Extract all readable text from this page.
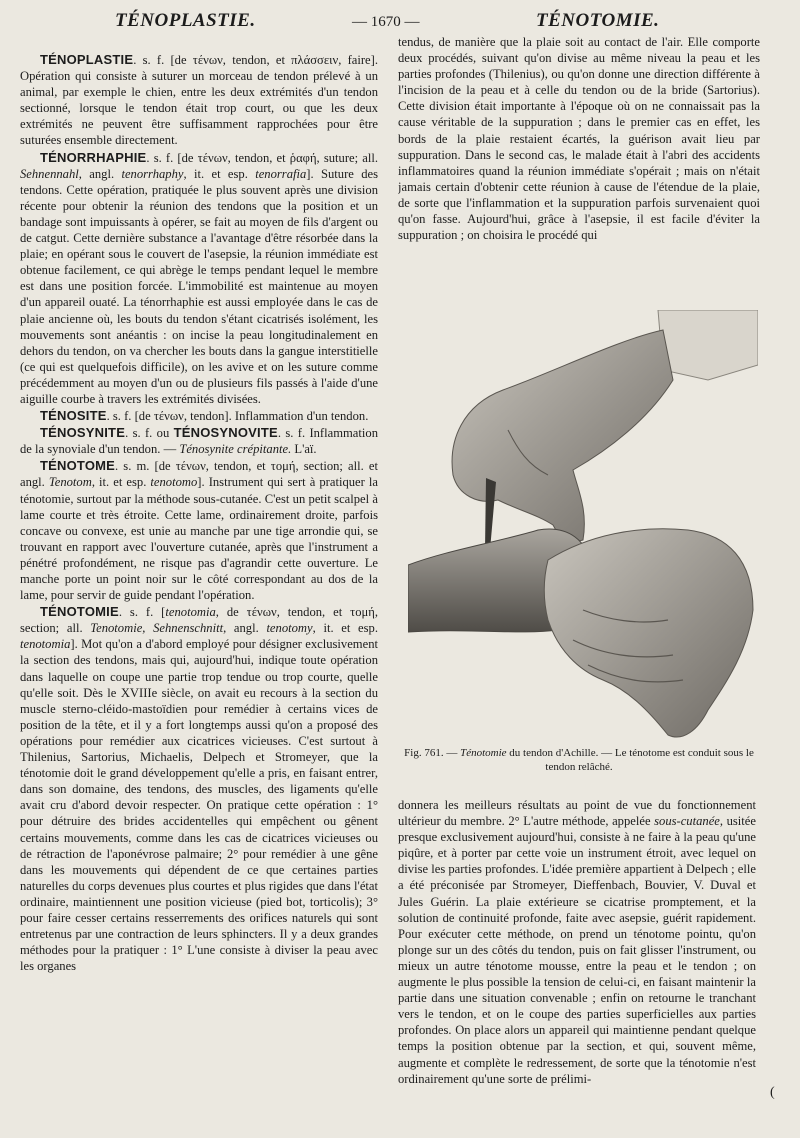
TÉNOPLASTIE.	— 1670 —	TÉNOTOMIE.

TÉNOPLASTIE. s. f. [de τένων, tendon, et πλάσσειν, faire]. Opération qui consiste à suturer un morceau de tendon prélevé à un animal, par exemple le chien, entre les deux extrémités d'un tendon sectionné, lorsque le tendon était trop court, ou que les deux extrémités ne peuvent être suffisamment rapprochées pour être suturées ensemble directement.

TÉNORRHAPHIE. s. f. [de τένων, tendon, et ῥαφή, suture; all. Sehnennahl, angl. tenorrhaphy, it. et esp. tenorrafia]. Suture des tendons. Cette opération, pratiquée le plus souvent après une division récente pour obtenir la réunion des tendons que la position et un bandage sont impuissants à opérer, se fait au moyen de fils d'argent ou de catgut. Cette dernière substance a l'avantage d'être résorbée dans la plaie; en opérant sous le couvert de l'asepsie, la réunion immédiate est obtenue facilement, ce qui abrège le temps pendant lequel le membre est dans une position forcée. L'immobilité est maintenue au moyen d'un appareil ouaté. La ténorrhaphie est aussi employée dans le cas de plaie ancienne où, les bouts du tendon s'étant cicatrisés isolément, les mouvements sont anéantis : on incise la peau longitudinalement en dehors du tendon, on va chercher les bouts dans la gangue interstitielle (ce qui est quelquefois difficile), on les avive et on les suture comme précédemment au moyen d'un ou de plusieurs fils passés à l'aide d'une aiguille courbe à travers les extrémités divisées.

TÉNOSITE. s. f. [de τένων, tendon]. Inflammation d'un tendon.

TÉNOSYNITE. s. f. ou TÉNOSYNOVITE. s. f. Inflammation de la synoviale d'un tendon. — Ténosynite crépitante. L'aï.

TÉNOTOME. s. m. [de τένων, tendon, et τομή, section; all. et angl. Tenotom, it. et esp. tenotomo]. Instrument qui sert à pratiquer la ténotomie, surtout par la méthode sous-cutanée. C'est un petit scalpel à lame courte et très étroite. Cette lame, ordinairement droite, parfois concave ou convexe, est unie au manche par une tige arrondie qui, se trouvant en rapport avec l'ouverture cutanée, après que l'instrument a pénétré profondément, ne risque pas d'agrandir cette ouverture. Le manche porte un point noir sur le côté correspondant au dos de la lame, pour servir de guide pendant l'opération.

TÉNOTOMIE. s. f. [tenotomia, de τένων, tendon, et τομή, section; all. Tenotomie, Sehnenschnitt, angl. tenotomy, it. et esp. tenotomia]. Mot qu'on a d'abord employé pour désigner exclusivement la section des tendons, mais qui, aujourd'hui, indique toute opération dans laquelle on coupe une partie trop tendue ou trop courte, quelle qu'elle soit. Dès le XVIIIe siècle, on avait eu recours à la section du muscle sterno-cléido-mastoïdien pour remédier à certains vices de position de la tête, et il y a fort longtemps aussi qu'on a proposé des opérations pour remédier aux cicatrices vicieuses. C'est surtout à Thilenius, Sartorius, Michaelis, Delpech et Stromeyer, que la ténotomie doit le grand développement qu'elle a pris, en faisant entrer, dans son domaine, des tendons, des muscles, des ligaments qu'elle avait cru d'abord devoir respecter. On pratique cette opération : 1° pour détruire des brides accidentelles qui empêchent ou gênent certains mouvements, comme dans les cas de cicatrices vicieuses ou de rétraction de l'aponévrose palmaire; 2° pour remédier à une gêne dans les mouvements qui dépendent de ce que certaines parties naturelles du corps devenues plus courtes et plus rigides que dans l'état ordinaire, maintiennent une position vicieuse (pied bot, torticolis); 3° pour faire cesser certains resserrements des orifices naturels qui sont entretenus par une contraction de leurs sphincters. Il y a deux grandes méthodes pour la pratiquer : 1° L'une consiste à diviser la peau avec les organes

tendus, de manière que la plaie soit au contact de l'air. Elle comporte deux procédés, suivant qu'on divise au même niveau la peau et les parties profondes (Thilenius), ou qu'on donne une direction différente à l'incision de la peau et à celle du tendon ou de la bride (Sartorius). Cette division était importante à l'époque où on ne connaissait pas la cause véritable de la suppuration ; dans le premier cas en effet, les bords de la plaie restaient écartés, la guérison avait lieu par suppuration. Dans le second cas, le malade était à l'abri des accidents inflammatoires quand la réunion immédiate s'opérait ; mais on n'était jamais certain d'obtenir cette réunion à cause de l'étendue de la plaie, de sorte que l'inflammation et la suppuration parfois survenaient quoi qu'on fasse. Aujourd'hui, grâce à l'asepsie, il est facile d'éviter la suppuration ; on choisira le procédé qui

Fig. 761. — Ténotomie du tendon d'Achille. — Le ténotome est conduit sous le tendon relâché.

donnera les meilleurs résultats au point de vue du fonctionnement ultérieur du membre. 2° L'autre méthode, appelée sous-cutanée, usitée presque exclusivement aujourd'hui, consiste à ne faire à la peau qu'une piqûre, et à porter par cette voie un instrument étroit, avec lequel on divise les parties profondes. L'idée première appartient à Delpech ; elle a été préconisée par Stromeyer, Dieffenbach, Bouvier, V. Duval et Jules Guérin. La plaie extérieure se cicatrise promptement, et la solution de continuité profonde, faite avec asepsie, guérit rapidement. Pour exécuter cette méthode, on prend un ténotome pointu, qu'on plonge sur un des côtés du tendon, puis on fait glisser l'instrument, ou mieux un autre ténotome mousse, entre la peau et le tendon ; on augmente le plus possible la tension de celui-ci, en faisant maintenir la partie dans une situation convenable ; enfin on retourne le tranchant vers le tendon, et on le coupe des parties superficielles aux parties profondes. On place alors un appareil qui maintienne pendant quelque temps la position obtenue par la section, et qui, souvent même, augmente et complète le redressement, de sorte que la ténotomie n'est ordinairement qu'une sorte de prélimi-

(
